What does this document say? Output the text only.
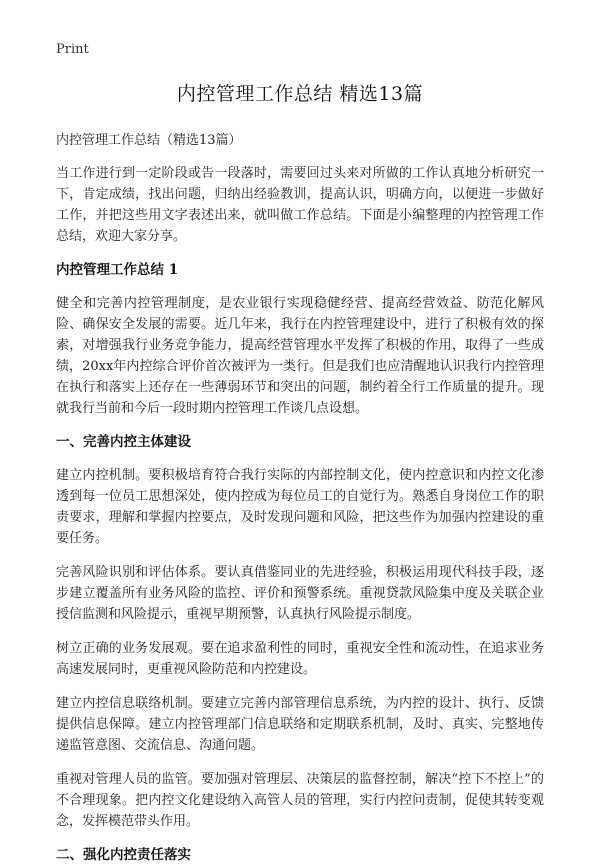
Print
内控管理工作总结 精选13篇
内控管理工作总结（精选13篇）

当工作进行到一定阶段或告一段落时，需要回过头来对所做的工作认真地分析研究一下，肯定成绩，找出问题，归纳出经验教训，提高认识，明确方向，以便进一步做好工作，并把这些用文字表述出来，就叫做工作总结。下面是小编整理的内控管理工作总结，欢迎大家分享。

内控管理工作总结 1

健全和完善内控管理制度，是农业银行实现稳健经营、提高经营效益、防范化解风险、确保安全发展的需要。近几年来，我行在内控管理建设中，进行了积极有效的探索，对增强我行业务竞争能力，提高经营管理水平发挥了积极的作用，取得了一些成绩，20xx年内控综合评价首次被评为一类行。但是我们也应清醒地认识我行内控管理在执行和落实上还存在一些薄弱环节和突出的问题，制约着全行工作质量的提升。现就我行当前和今后一段时期内控管理工作谈几点设想。

一、完善内控主体建设

建立内控机制。要积极培育符合我行实际的内部控制文化，使内控意识和内控文化渗透到每一位员工思想深处，使内控成为每位员工的自觉行为。熟悉自身岗位工作的职责要求，理解和掌握内控要点，及时发现问题和风险，把这些作为加强内控建设的重要任务。

完善风险识别和评估体系。要认真借鉴同业的先进经验，积极运用现代科技手段，逐步建立覆盖所有业务风险的监控、评价和预警系统。重视贷款风险集中度及关联企业授信监测和风险提示，重视早期预警，认真执行风险提示制度。

树立正确的业务发展观。要在追求盈利性的同时，重视安全性和流动性，在追求业务高速发展同时，更重视风险防范和内控建设。

建立内控信息联络机制。要建立完善内部管理信息系统，为内控的设计、执行、反馈提供信息保障。建立内控管理部门信息联络和定期联系机制，及时、真实、完整地传递监管意图、交流信息、沟通问题。

重视对管理人员的监管。要加强对管理层、决策层的监督控制，解决“控下不控上”的不合理现象。把内控文化建设纳入高管人员的管理，实行内控问责制，促使其转变观念，发挥模范带头作用。

二、强化内控责任落实
